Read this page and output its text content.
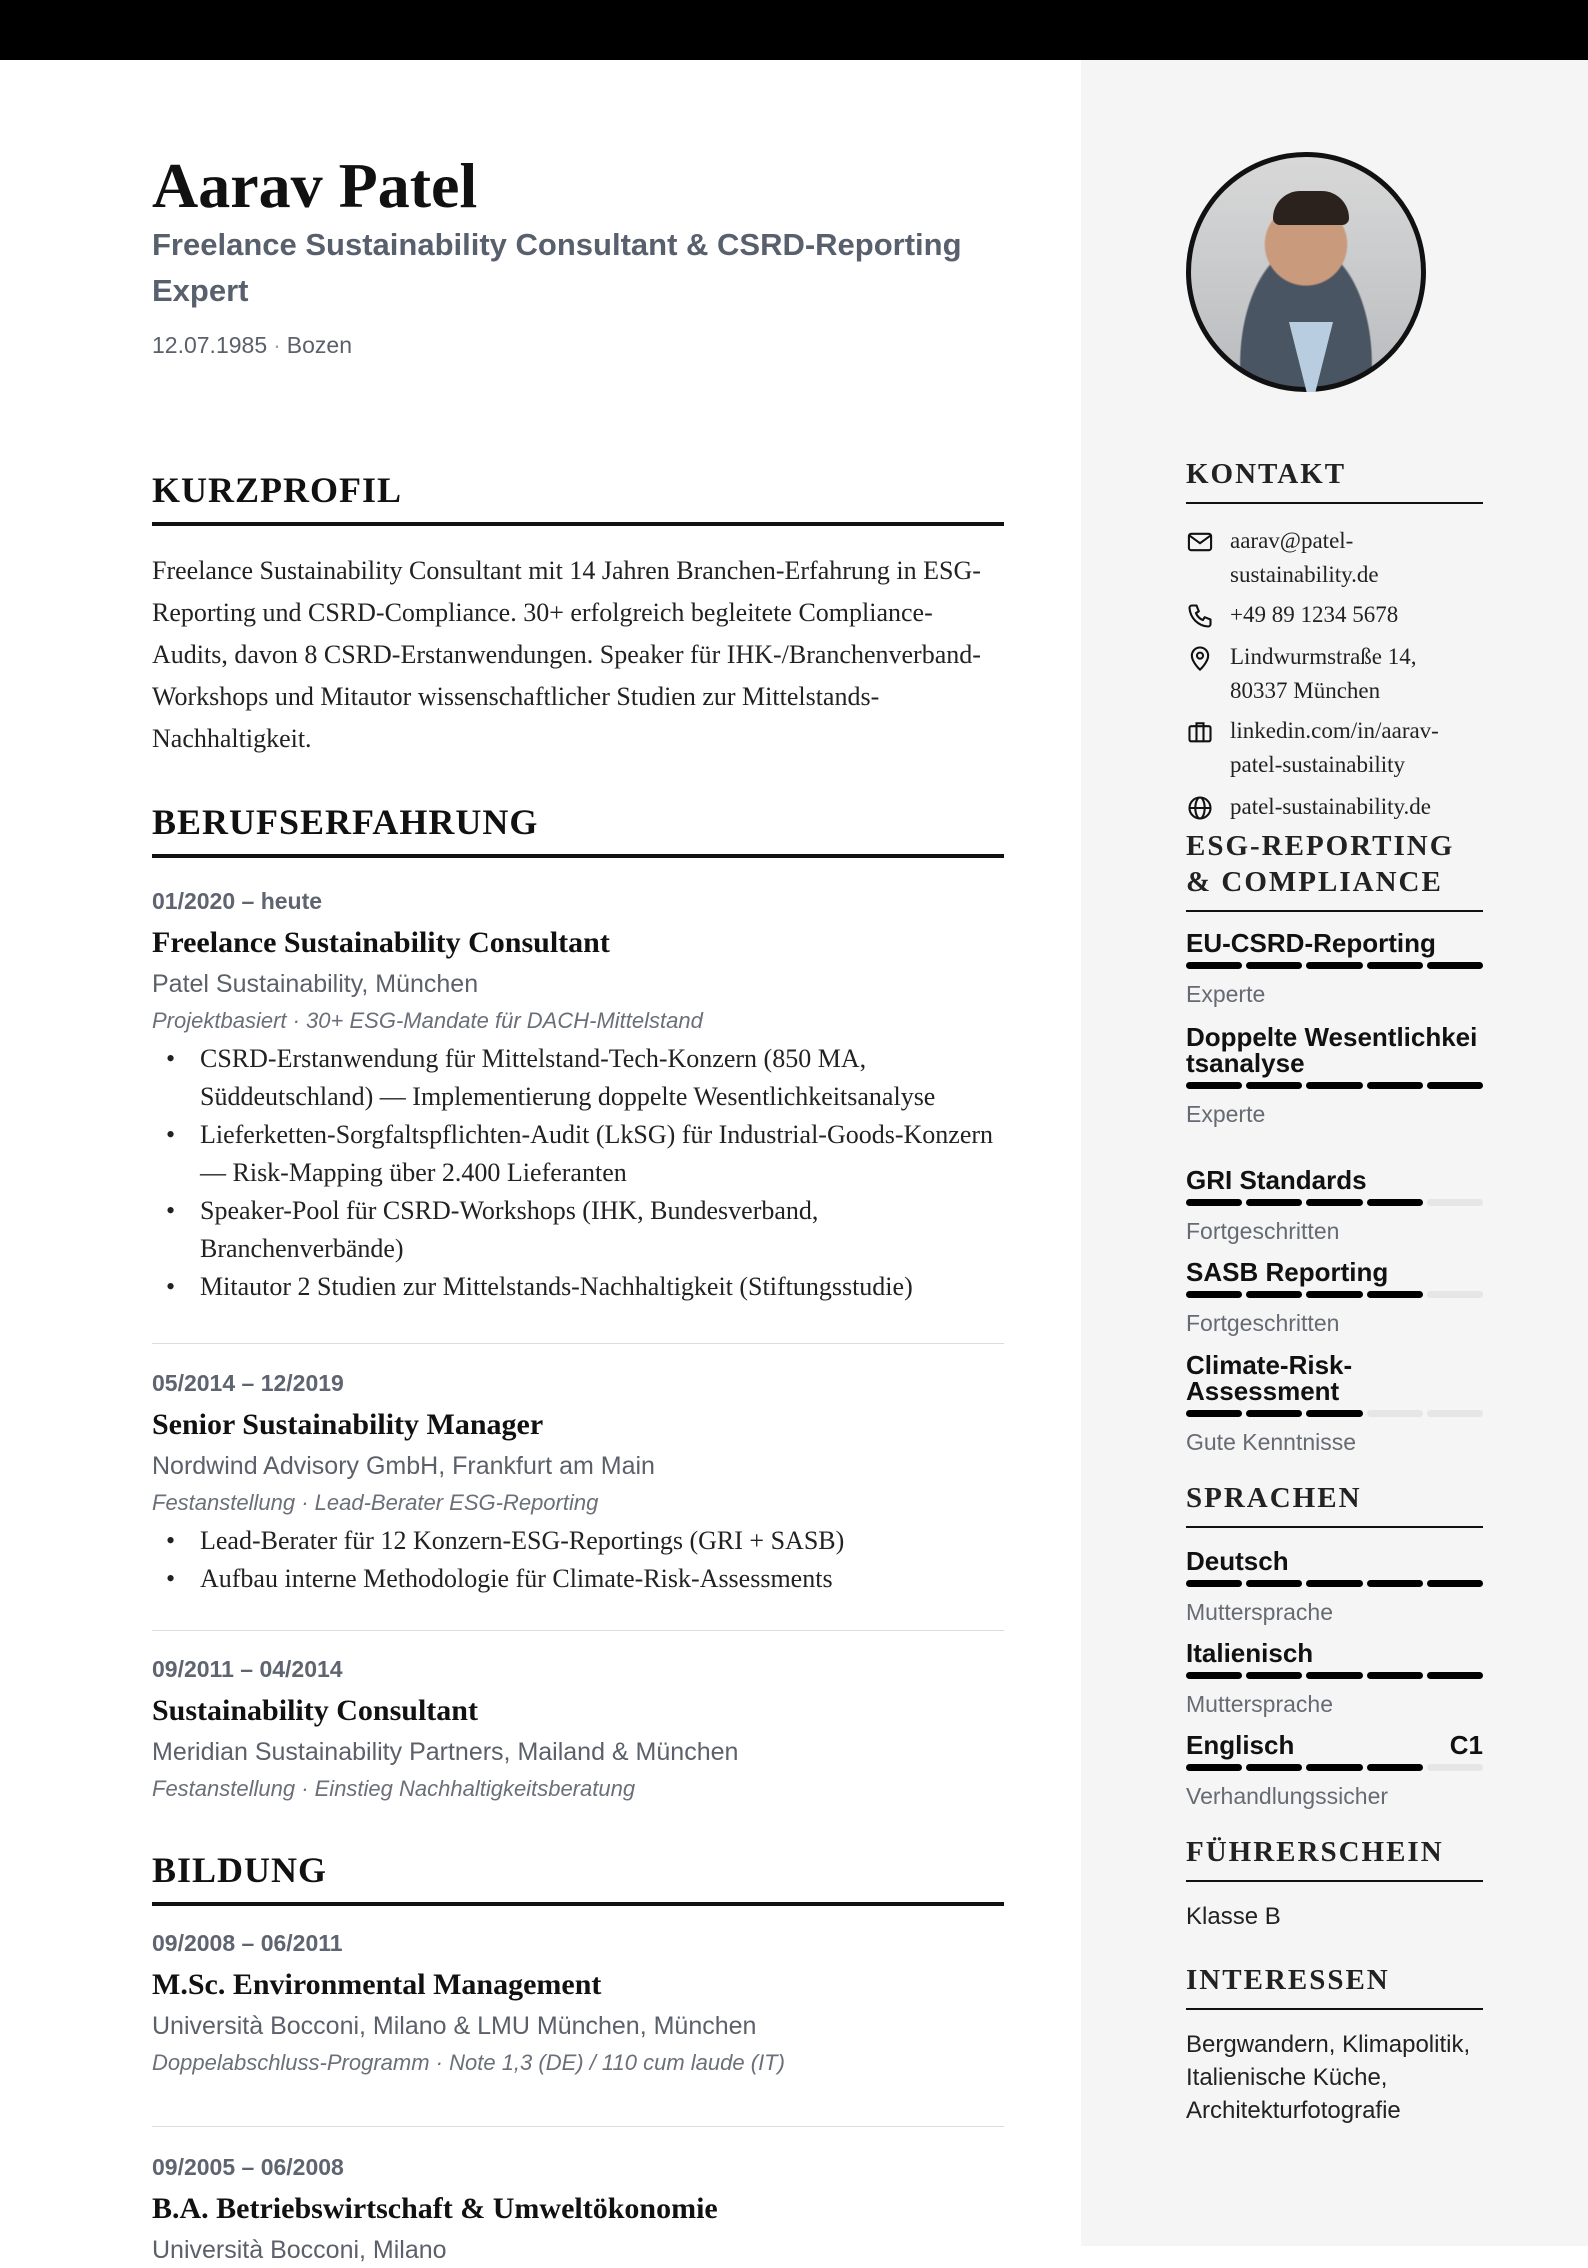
Aarav Patel
Freelance Sustainability Consultant & CSRD-Reporting Expert
12.07.1985 · Bozen
KURZPROFIL
Freelance Sustainability Consultant mit 14 Jahren Branchen-Erfahrung in ESG-Reporting und CSRD-Compliance. 30+ erfolgreich begleitete Compliance-Audits, davon 8 CSRD-Erstanwendungen. Speaker für IHK-/Branchenverband-Workshops und Mitautor wissenschaftlicher Studien zur Mittelstands-Nachhaltigkeit.
BERUFSERFAHRUNG
01/2020 – heute
Freelance Sustainability Consultant
Patel Sustainability, München
Projektbasiert · 30+ ESG-Mandate für DACH-Mittelstand
• CSRD-Erstanwendung für Mittelstand-Tech-Konzern (850 MA, Süddeutschland) — Implementierung doppelte Wesentlichkeitsanalyse
• Lieferketten-Sorgfaltspflichten-Audit (LkSG) für Industrial-Goods-Konzern — Risk-Mapping über 2.400 Lieferanten
• Speaker-Pool für CSRD-Workshops (IHK, Bundesverband, Branchenverbände)
• Mitautor 2 Studien zur Mittelstands-Nachhaltigkeit (Stiftungsstudie)
05/2014 – 12/2019
Senior Sustainability Manager
Nordwind Advisory GmbH, Frankfurt am Main
Festanstellung · Lead-Berater ESG-Reporting
• Lead-Berater für 12 Konzern-ESG-Reportings (GRI + SASB)
• Aufbau interne Methodologie für Climate-Risk-Assessments
09/2011 – 04/2014
Sustainability Consultant
Meridian Sustainability Partners, Mailand & München
Festanstellung · Einstieg Nachhaltigkeitsberatung
BILDUNG
09/2008 – 06/2011
M.Sc. Environmental Management
Università Bocconi, Milano & LMU München, München
Doppelabschluss-Programm · Note 1,3 (DE) / 110 cum laude (IT)
09/2005 – 06/2008
B.A. Betriebswirtschaft & Umweltökonomie
Università Bocconi, Milano
KONTAKT
aarav@patel-
sustainability.de
+49 89 1234 5678
Lindwurmstraße 14,
80337 München
linkedin.com/in/aarav-
patel-sustainability
patel-sustainability.de
ESG-REPORTING & COMPLIANCE
EU-CSRD-Reporting
Experte
Doppelte Wesentlichkeitsanalyse
Experte
GRI Standards
Fortgeschritten
SASB Reporting
Fortgeschritten
Climate-Risk-Assessment
Gute Kenntnisse
SPRACHEN
Deutsch
Muttersprache
Italienisch
Muttersprache
Englisch	C1
Verhandlungssicher
FÜHRERSCHEIN
Klasse B
INTERESSEN
Bergwandern, Klimapolitik, Italienische Küche, Architekturfotografie
